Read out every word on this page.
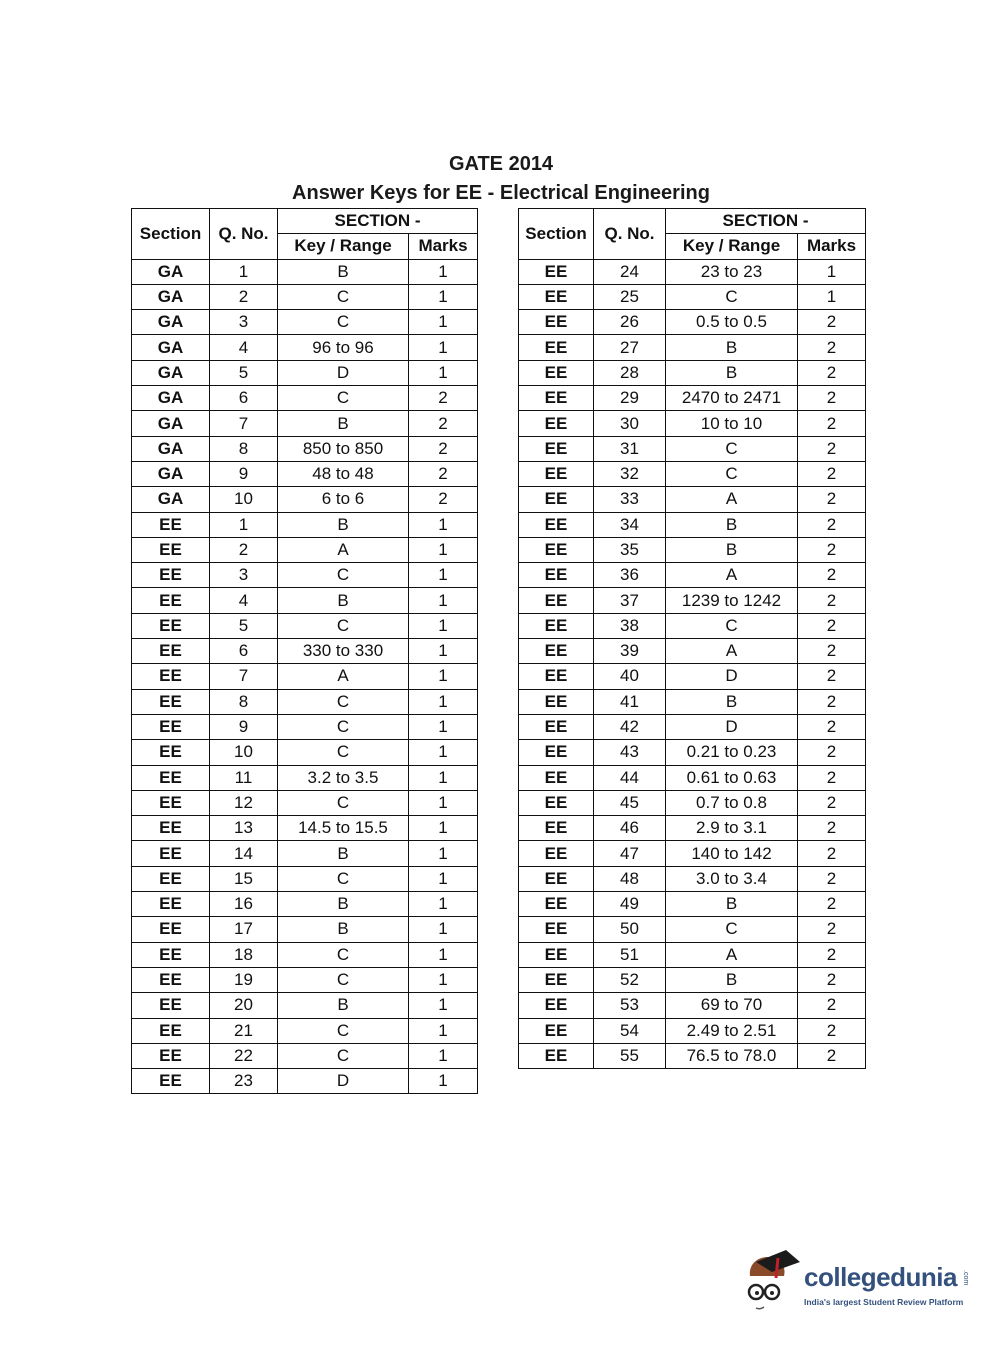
GATE 2014
Answer Keys for EE - Electrical Engineering
Section	Q. No.	SECTION -	
		Key / Range	Marks
GA	1	B	1
GA	2	C	1
GA	3	C	1
GA	4	96 to 96	1
GA	5	D	1
GA	6	C	2
GA	7	B	2
GA	8	850 to 850	2
GA	9	48 to 48	2
GA	10	6 to 6	2
EE	1	B	1
EE	2	A	1
EE	3	C	1
EE	4	B	1
EE	5	C	1
EE	6	330 to 330	1
EE	7	A	1
EE	8	C	1
EE	9	C	1
EE	10	C	1
EE	11	3.2 to 3.5	1
EE	12	C	1
EE	13	14.5 to 15.5	1
EE	14	B	1
EE	15	C	1
EE	16	B	1
EE	17	B	1
EE	18	C	1
EE	19	C	1
EE	20	B	1
EE	21	C	1
EE	22	C	1
EE	23	D	1
Section	Q. No.	SECTION -	
		Key / Range	Marks
EE	24	23 to 23	1
EE	25	C	1
EE	26	0.5 to 0.5	2
EE	27	B	2
EE	28	B	2
EE	29	2470 to 2471	2
EE	30	10 to 10	2
EE	31	C	2
EE	32	C	2
EE	33	A	2
EE	34	B	2
EE	35	B	2
EE	36	A	2
EE	37	1239 to 1242	2
EE	38	C	2
EE	39	A	2
EE	40	D	2
EE	41	B	2
EE	42	D	2
EE	43	0.21 to 0.23	2
EE	44	0.61 to 0.63	2
EE	45	0.7 to 0.8	2
EE	46	2.9 to 3.1	2
EE	47	140 to 142	2
EE	48	3.0 to 3.4	2
EE	49	B	2
EE	50	C	2
EE	51	A	2
EE	52	B	2
EE	53	69 to 70	2
EE	54	2.49 to 2.51	2
EE	55	76.5 to 78.0	2
collegedunia .com
India's largest Student Review Platform
